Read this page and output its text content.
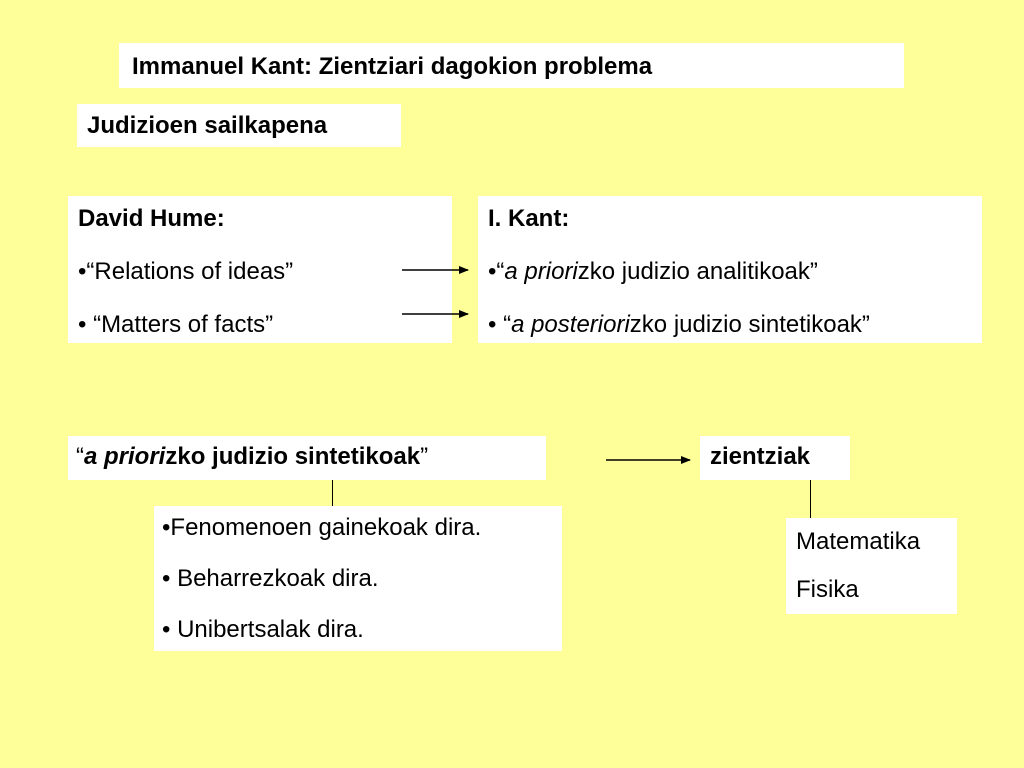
Immanuel Kant: Zientziari dagokion problema
Judizioen sailkapena
David Hume:
•“Relations of ideas”
• “Matters of facts”
I. Kant:
•“a priorizko judizio analitikoak”
• “a posteriorizko judizio sintetikoak”
“a priorizko judizio sintetikoak”	zientziak
•Fenomenoen gainekoak dira.
• Beharrezkoak dira.
• Unibertsalak dira.
Matematika
Fisika
